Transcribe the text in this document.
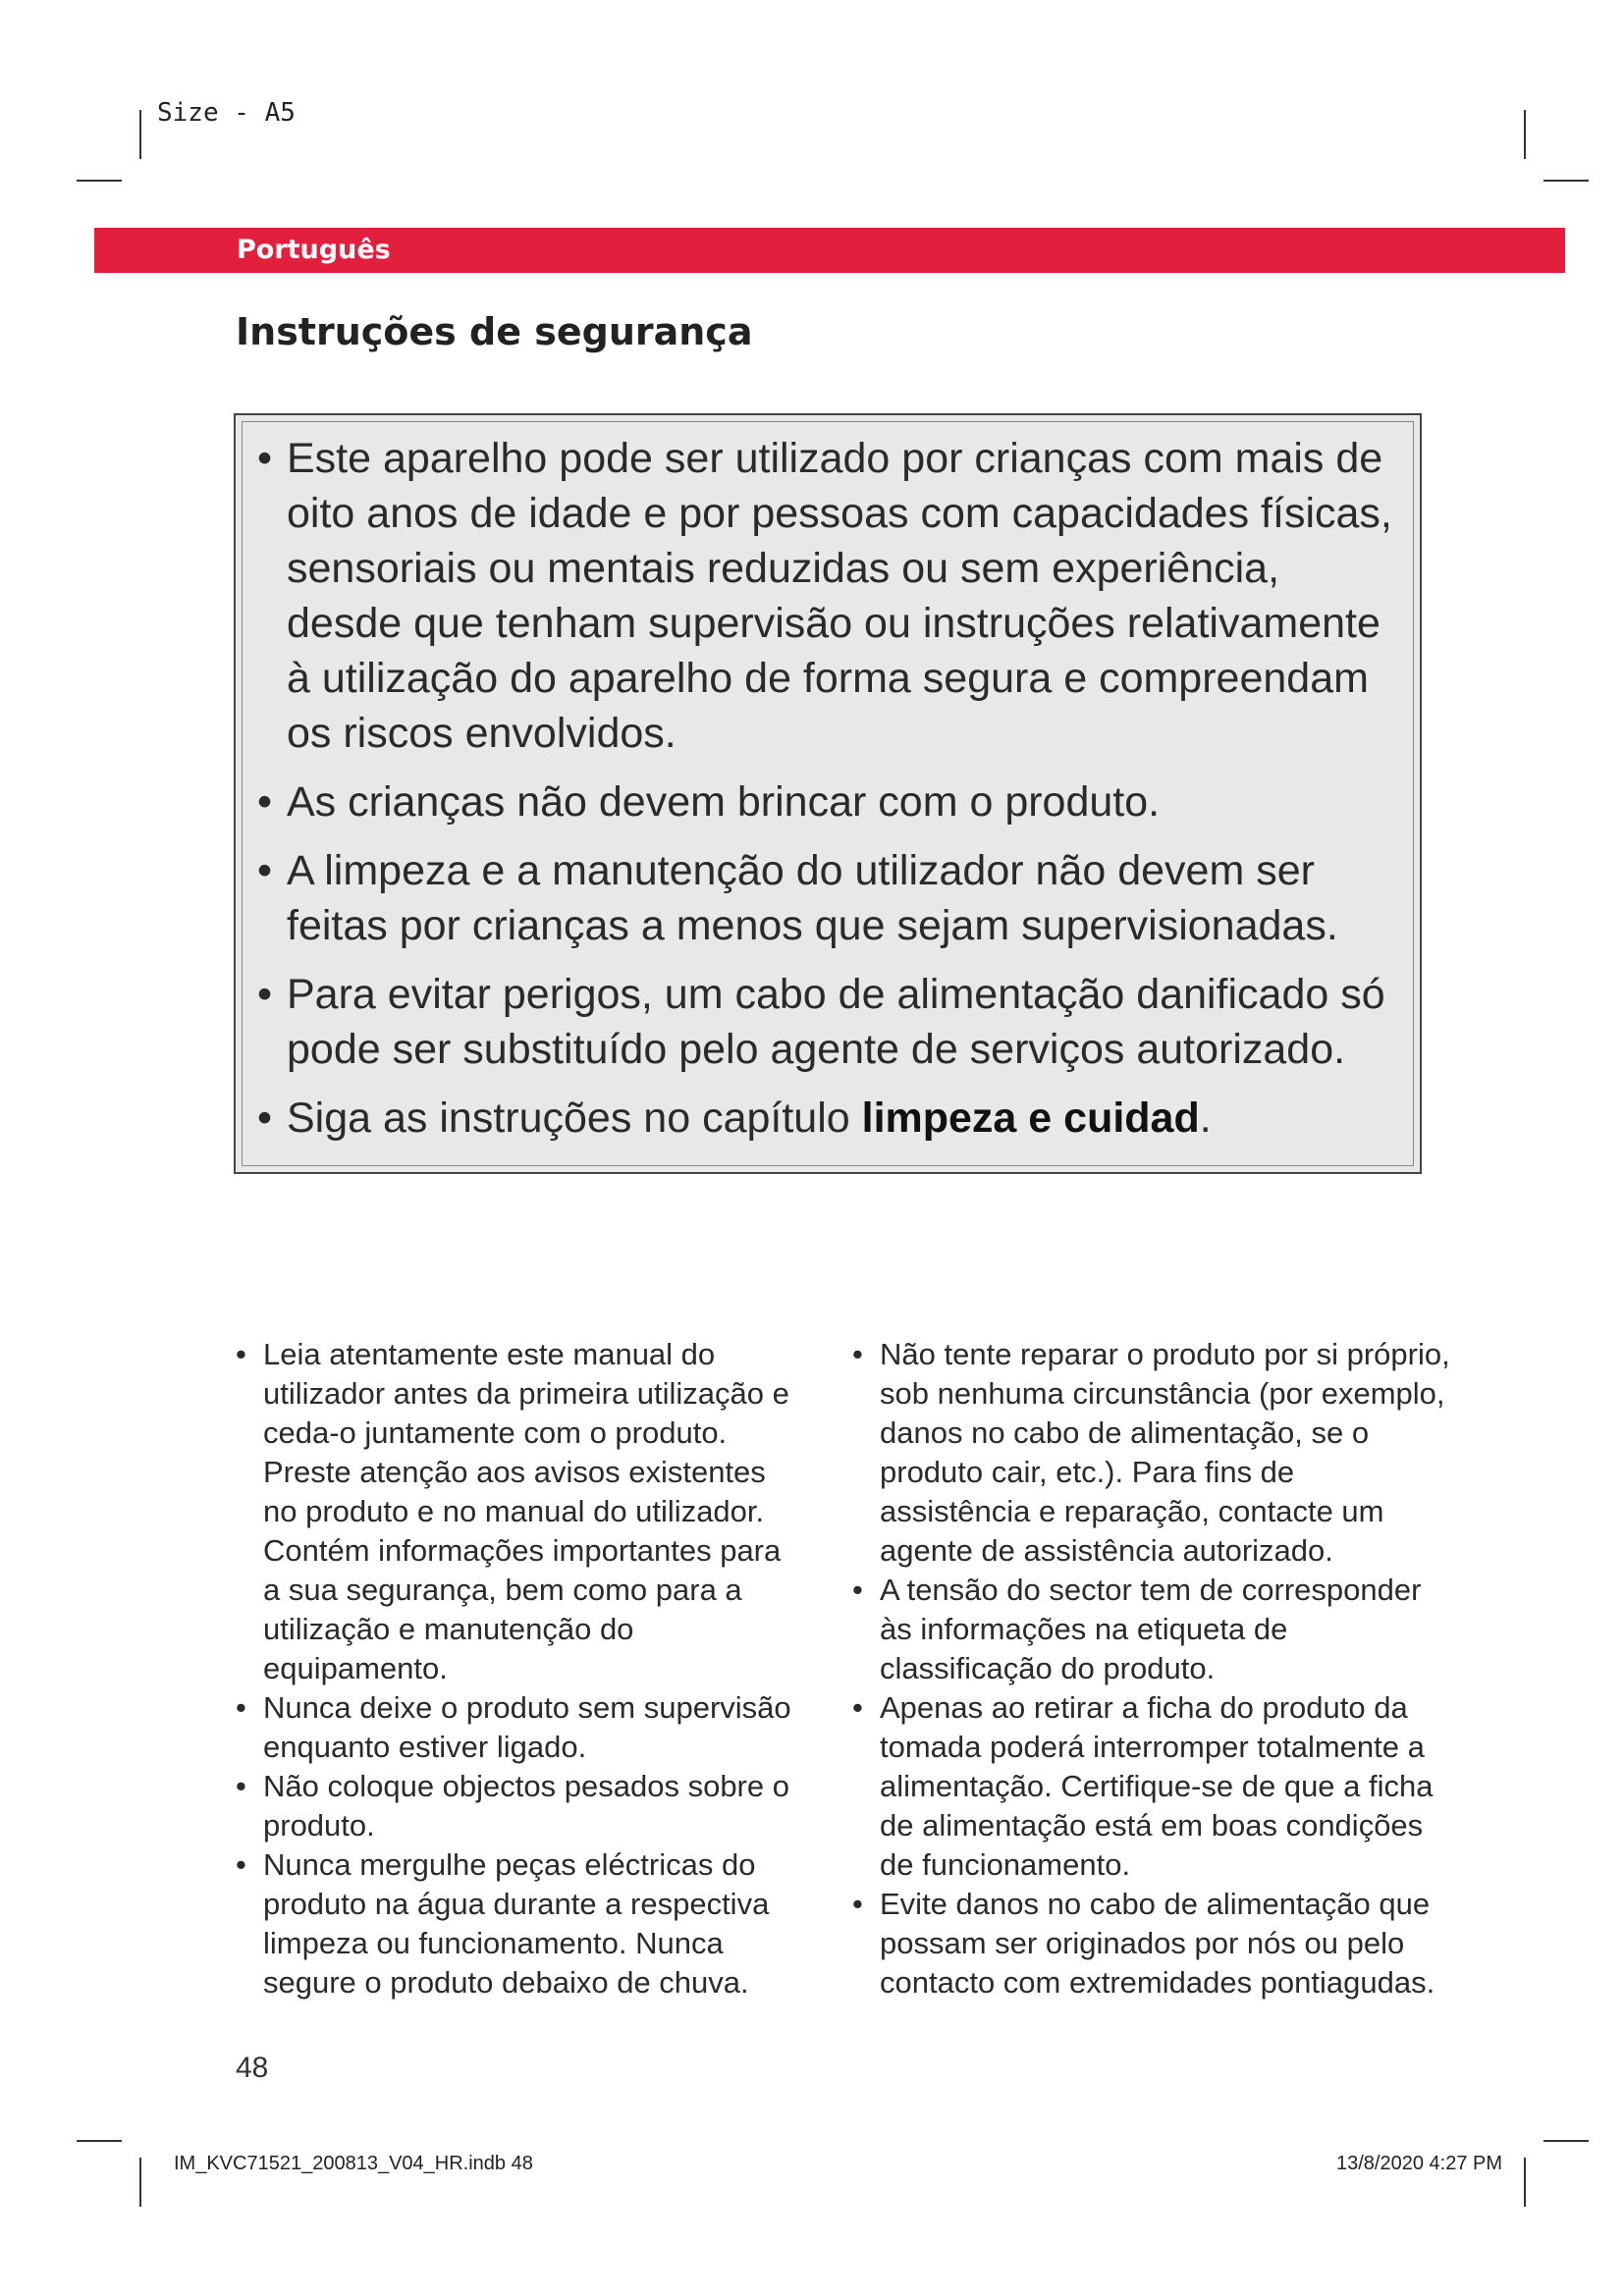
Size - A5
Português
Instruções de segurança
• Este aparelho pode ser utilizado por crianças com mais de oito anos de idade e por pessoas com capacidades físicas, sensoriais ou mentais reduzidas ou sem experiência, desde que tenham supervisão ou instruções relativamente à utilização do aparelho de forma segura e compreendam os riscos envolvidos.
• As crianças não devem brincar com o produto.
• A limpeza e a manutenção do utilizador não devem ser feitas por crianças a menos que sejam supervisionadas.
• Para evitar perigos, um cabo de alimentação danificado só pode ser substituído pelo agente de serviços autorizado.
• Siga as instruções no capítulo limpeza e cuidad.
• Leia atentamente este manual do utilizador antes da primeira utilização e ceda-o juntamente com o produto. Preste atenção aos avisos existentes no produto e no manual do utilizador. Contém informações importantes para a sua segurança, bem como para a utilização e manutenção do equipamento.
• Nunca deixe o produto sem supervisão enquanto estiver ligado.
• Não coloque objectos pesados sobre o produto.
• Nunca mergulhe peças eléctricas do produto na água durante a respectiva limpeza ou funcionamento. Nunca segure o produto debaixo de chuva.
• Não tente reparar o produto por si próprio, sob nenhuma circunstância (por exemplo, danos no cabo de alimentação, se o produto cair, etc.). Para fins de assistência e reparação, contacte um agente de assistência autorizado.
• A tensão do sector tem de corresponder às informações na etiqueta de classificação do produto.
• Apenas ao retirar a ficha do produto da tomada poderá interromper totalmente a alimentação. Certifique-se de que a ficha de alimentação está em boas condições de funcionamento.
• Evite danos no cabo de alimentação que possam ser originados por nós ou pelo contacto com extremidades pontiagudas.
48
IM_KVC71521_200813_V04_HR.indb 48	13/8/2020 4:27 PM
